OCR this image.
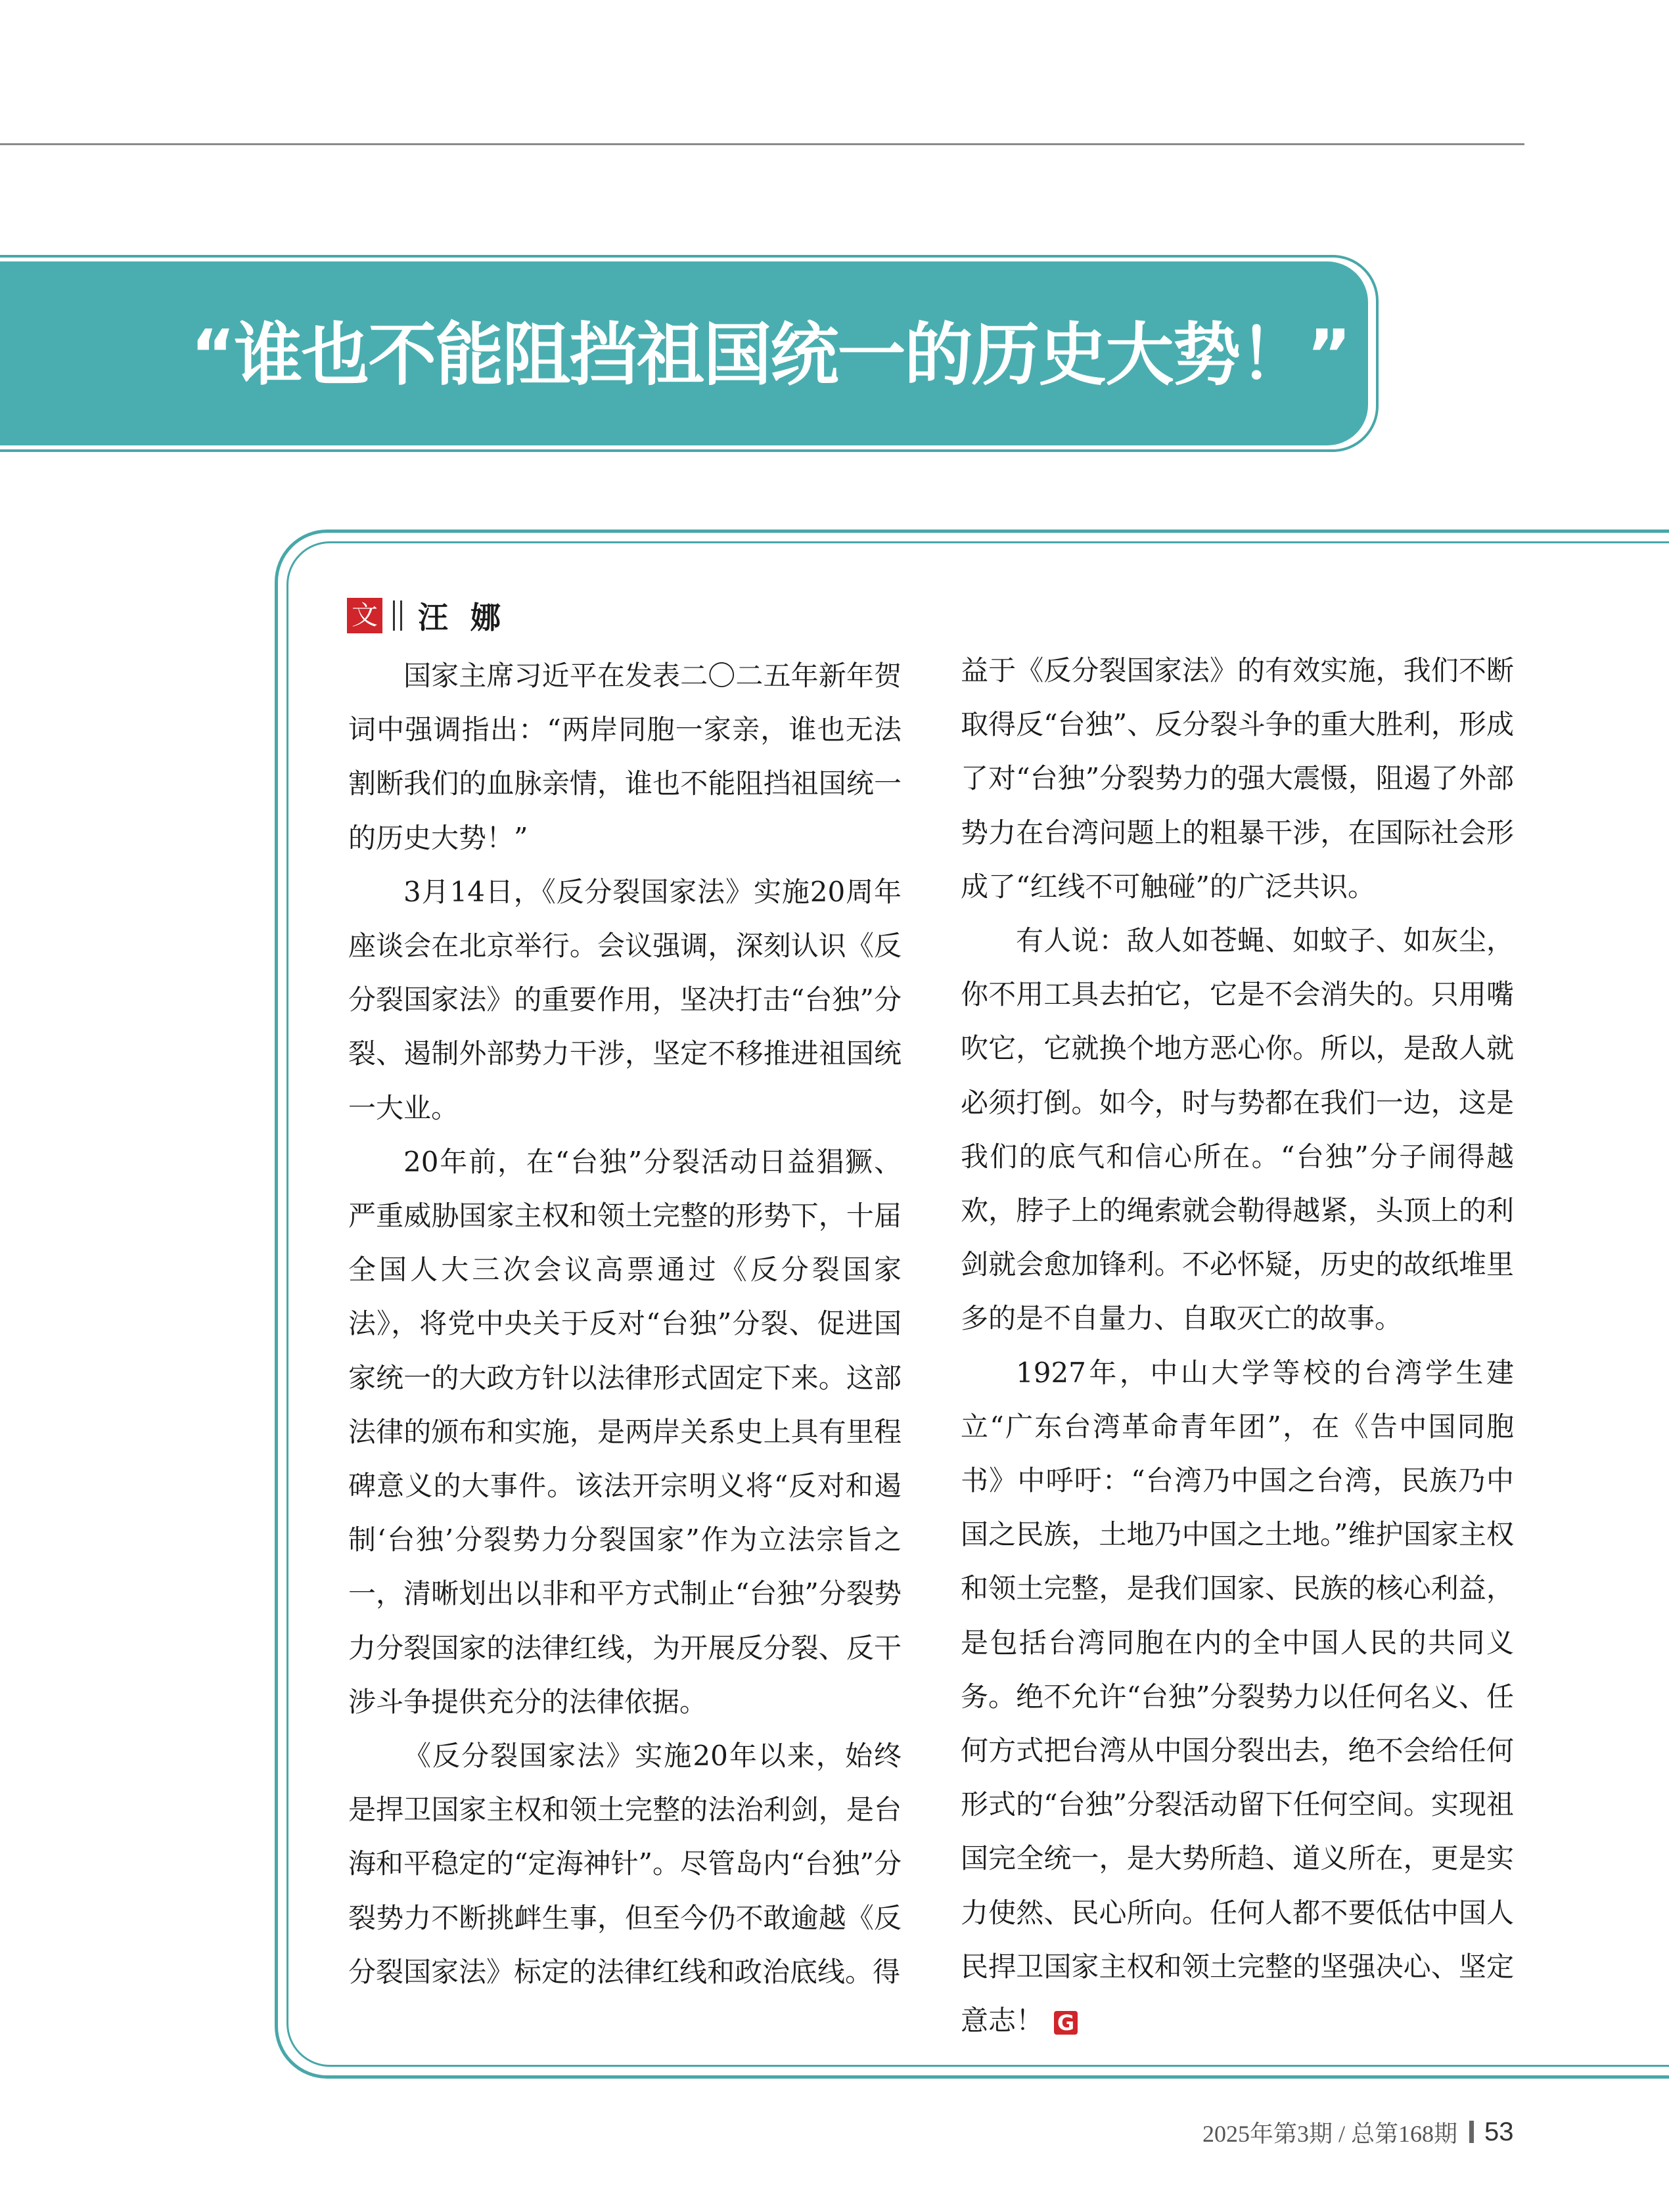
“谁也不能阻挡祖国统一的历史大势！”
文 汪娜

国家主席习近平在发表二〇二五年新年贺词中强调指出：“两岸同胞一家亲，谁也无法割断我们的血脉亲情，谁也不能阻挡祖国统一的历史大势！”

3月14日，《反分裂国家法》实施20周年座谈会在北京举行。会议强调，深刻认识《反分裂国家法》的重要作用，坚决打击“台独”分裂、遏制外部势力干涉，坚定不移推进祖国统一大业。

20年前，在“台独”分裂活动日益猖獗、严重威胁国家主权和领土完整的形势下，十届全国人大三次会议高票通过《反分裂国家法》，将党中央关于反对“台独”分裂、促进国家统一的大政方针以法律形式固定下来。这部法律的颁布和实施，是两岸关系史上具有里程碑意义的大事件。该法开宗明义将“反对和遏制‘台独’分裂势力分裂国家”作为立法宗旨之一，清晰划出以非和平方式制止“台独”分裂势力分裂国家的法律红线，为开展反分裂、反干涉斗争提供充分的法律依据。

《反分裂国家法》实施20年以来，始终是捍卫国家主权和领土完整的法治利剑，是台海和平稳定的“定海神针”。尽管岛内“台独”分裂势力不断挑衅生事，但至今仍不敢逾越《反分裂国家法》标定的法律红线和政治底线。得

益于《反分裂国家法》的有效实施，我们不断取得反“台独”、反分裂斗争的重大胜利，形成了对“台独”分裂势力的强大震慑，阻遏了外部势力在台湾问题上的粗暴干涉，在国际社会形成了“红线不可触碰”的广泛共识。

有人说：敌人如苍蝇、如蚊子、如灰尘，你不用工具去拍它，它是不会消失的。只用嘴吹它，它就换个地方恶心你。所以，是敌人就必须打倒。如今，时与势都在我们一边，这是我们的底气和信心所在。“台独”分子闹得越欢，脖子上的绳索就会勒得越紧，头顶上的利剑就会愈加锋利。不必怀疑，历史的故纸堆里多的是不自量力、自取灭亡的故事。

1927年，中山大学等校的台湾学生建立“广东台湾革命青年团”，在《告中国同胞书》中呼吁：“台湾乃中国之台湾，民族乃中国之民族，土地乃中国之土地。”维护国家主权和领土完整，是我们国家、民族的核心利益，是包括台湾同胞在内的全中国人民的共同义务。绝不允许“台独”分裂势力以任何名义、任何方式把台湾从中国分裂出去，绝不会给任何形式的“台独”分裂活动留下任何空间。实现祖国完全统一，是大势所趋、道义所在，更是实力使然、民心所向。任何人都不要低估中国人民捍卫国家主权和领土完整的坚强决心、坚定意志！ G

2025年第3期 / 总第168期 53
